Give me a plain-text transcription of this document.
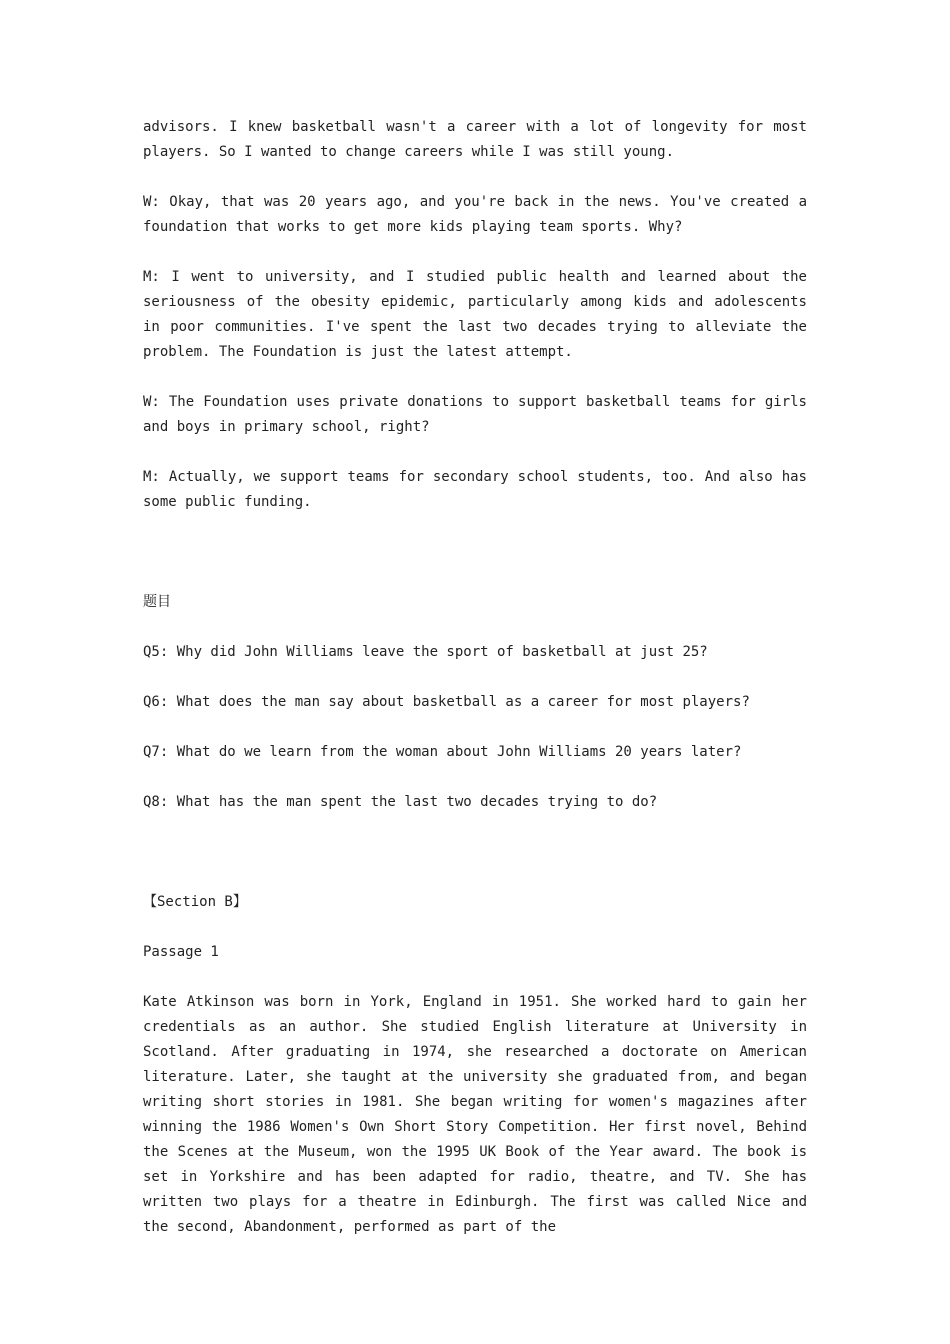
advisors. I knew basketball wasn't a career with a lot of longevity for most players. So I wanted to change careers while I was still young.

W: Okay, that was 20 years ago, and you're back in the news. You've created a foundation that works to get more kids playing team sports. Why?

M: I went to university, and I studied public health and learned about the seriousness of the obesity epidemic, particularly among kids and adolescents in poor communities. I've spent the last two decades trying to alleviate the problem. The Foundation is just the latest attempt.

W: The Foundation uses private donations to support basketball teams for girls and boys in primary school, right?

M: Actually, we support teams for secondary school students, too. And also has some public funding.

题目

Q5: Why did John Williams leave the sport of basketball at just 25?

Q6: What does the man say about basketball as a career for most players?

Q7: What do we learn from the woman about John Williams 20 years later?

Q8: What has the man spent the last two decades trying to do?

【Section B】

Passage 1

Kate Atkinson was born in York, England in 1951. She worked hard to gain her credentials as an author. She studied English literature at University in Scotland. After graduating in 1974, she researched a doctorate on American literature. Later, she taught at the university she graduated from, and began writing short stories in 1981. She began writing for women's magazines after winning the 1986 Women's Own Short Story Competition. Her first novel, Behind the Scenes at the Museum, won the 1995 UK Book of the Year award. The book is set in Yorkshire and has been adapted for radio, theatre, and TV. She has written two plays for a theatre in Edinburgh. The first was called Nice and the second, Abandonment, performed as part of the
